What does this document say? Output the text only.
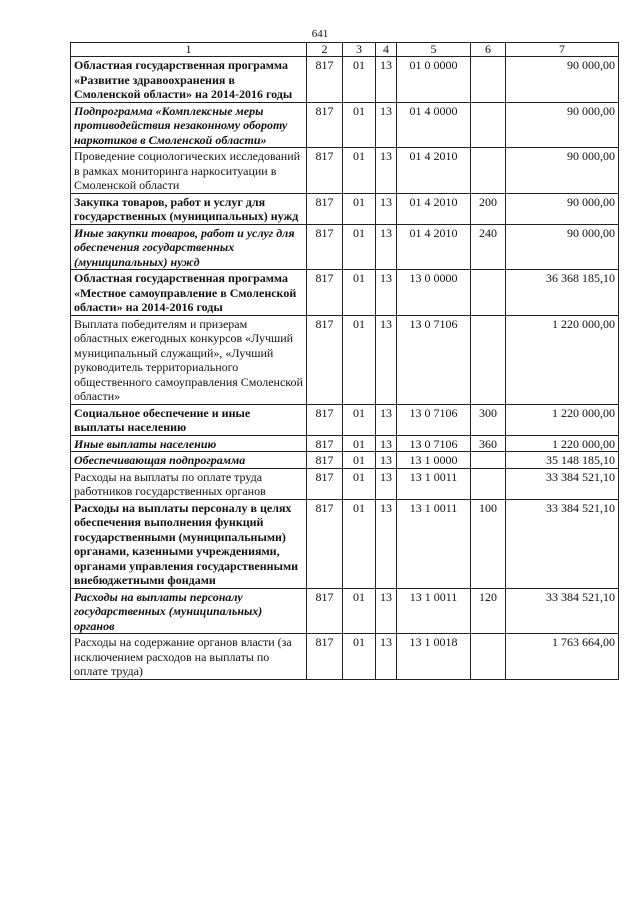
641
1	2	3	4	5	6	7
Областная государственная программа «Развитие здравоохранения в Смоленской области» на 2014-2016 годы	817	01	13	01 0 0000		90 000,00
Подпрограмма «Комплексные меры противодействия незаконному обороту наркотиков в Смоленской области»	817	01	13	01 4 0000		90 000,00
Проведение социологических исследований в рамках мониторинга наркоситуации в Смоленской области	817	01	13	01 4 2010		90 000,00
Закупка товаров, работ и услуг для государственных (муниципальных) нужд	817	01	13	01 4 2010	200	90 000,00
Иные закупки товаров, работ и услуг для обеспечения государственных (муниципальных) нужд	817	01	13	01 4 2010	240	90 000,00
Областная государственная программа «Местное самоуправление в Смоленской области» на 2014-2016 годы	817	01	13	13 0 0000		36 368 185,10
Выплата победителям и призерам областных ежегодных конкурсов «Лучший муниципальный служащий», «Лучший руководитель территориального общественного самоуправления Смоленской области»	817	01	13	13 0 7106		1 220 000,00
Социальное обеспечение и иные выплаты населению	817	01	13	13 0 7106	300	1 220 000,00
Иные выплаты населению	817	01	13	13 0 7106	360	1 220 000,00
Обеспечивающая подпрограмма	817	01	13	13 1 0000		35 148 185,10
Расходы на выплаты по оплате труда работников государственных органов	817	01	13	13 1 0011		33 384 521,10
Расходы на выплаты персоналу в целях обеспечения выполнения функций государственными (муниципальными) органами, казенными учреждениями, органами управления государственными внебюджетными фондами	817	01	13	13 1 0011	100	33 384 521,10
Расходы на выплаты персоналу государственных (муниципальных) органов	817	01	13	13 1 0011	120	33 384 521,10
Расходы на содержание органов власти (за исключением расходов на выплаты по оплате труда)	817	01	13	13 1 0018		1 763 664,00
